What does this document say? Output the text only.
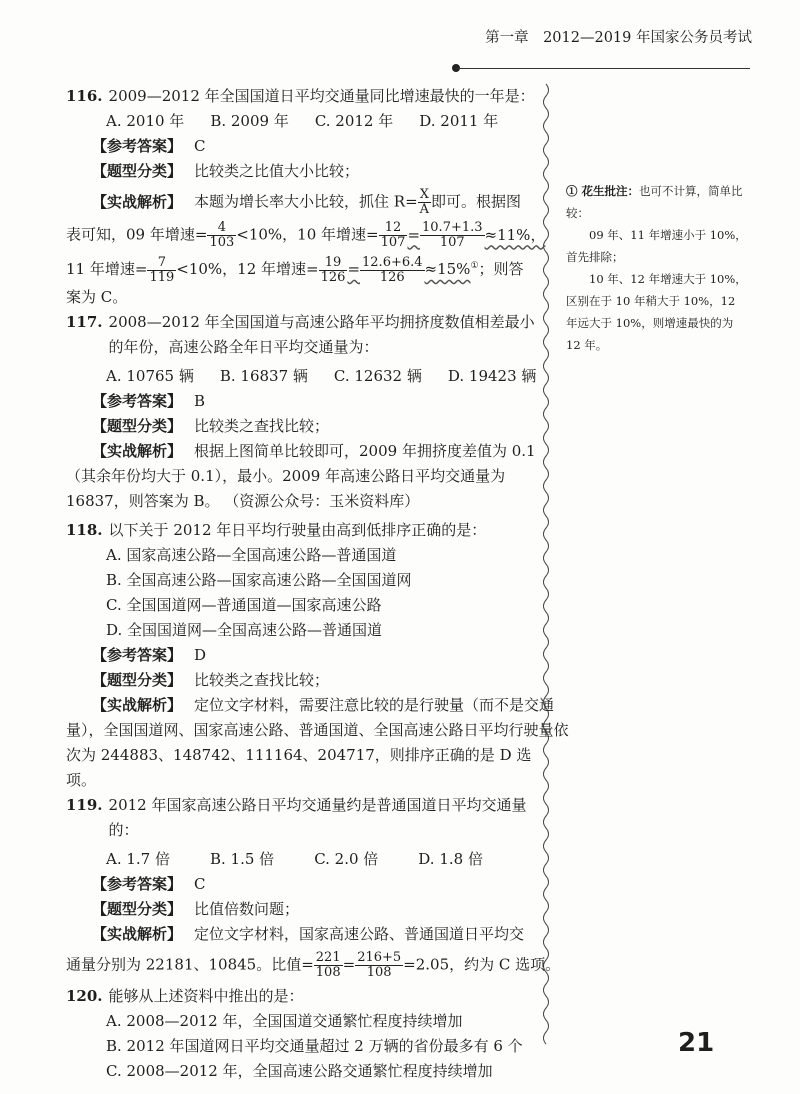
第一章　2012—2019 年国家公务员考试
116. 2009—2012 年全国国道日平均交通量同比增速最快的一年是：
A. 2010 年 B. 2009 年 C. 2012 年 D. 2011 年
【参考答案】 C
【题型分类】 比较类之比值大小比较；
【实战解析】 本题为增长率大小比较，抓住 $R= \frac{X}{A}$ 即可。根据图
表可知，09 年增速= $\frac{4}{103} <10\%$，10 年增速= $\frac{12}{107} = \frac{10.7+1.3}{107} \approx 11\%$，
11 年增速= $\frac{7}{119} <10\%$，12 年增速= $\frac{19}{126} = \frac{12.6+6.4}{126} \approx 15\%^①$；则答
案为 C。
117. 2008—2012 年全国国道与高速公路年平均拥挤度数值相差最小的年份，高速公路全年日平均交通量为：
A. 10765 辆 B. 16837 辆 C. 12632 辆 D. 19423 辆
【参考答案】 B
【题型分类】 比较类之查找比较；
【实战解析】 根据上图简单比较即可，2009 年拥挤度差值为 0.1
（其余年份均大于 0.1），最小。2009 年高速公路日平均交通量为
16837，则答案为 B。 （资源公众号：玉米资料库）
118. 以下关于 2012 年日平均行驶量由高到低排序正确的是：
A. 国家高速公路—全国高速公路—普通国道
B. 全国高速公路—国家高速公路—全国国道网
C. 全国国道网—普通国道—国家高速公路
D. 全国国道网—全国高速公路—普通国道
【参考答案】 D
【题型分类】 比较类之查找比较；
【实战解析】 定位文字材料，需要注意比较的是行驶量（而不是交通
量），全国国道网、国家高速公路、普通国道、全国高速公路日平均行驶量依
次为 244883、148742、111164、204717，则排序正确的是 D 选项。
119. 2012 年国家高速公路日平均交通量约是普通国道日平均交通量的：
A. 1.7 倍	B. 1.5 倍	C. 2.0 倍	D. 1.8 倍
【参考答案】 C
【题型分类】 比值倍数问题；
【实战解析】 定位文字材料，国家高速公路、普通国道日平均交
通量分别为 22181、10845。比值= $\frac{221}{108} = \frac{216+5}{108} =2.05$，约为 C 选项。
120. 能够从上述资料中推出的是：
A. 2008—2012 年，全国国道交通繁忙程度持续增加
B. 2012 年国道网日平均交通量超过 2 万辆的省份最多有 6 个
C. 2008—2012 年，全国高速公路交通繁忙程度持续增加

① 花生批注：也可不计算，简单比较：

09 年、11 年增速小于 10%，首先排除；

10 年、12 年增速大于 10%，区别在于 10 年稍大于 10%，12 年远大于 10%，则增速最快的为 12 年。

21
